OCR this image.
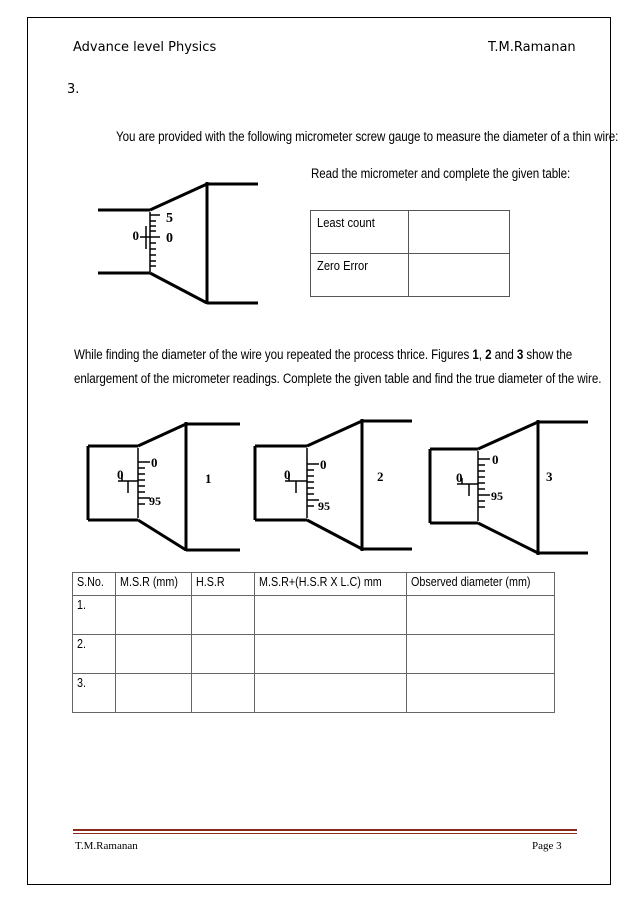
Advance level Physics	T.M.Ramanan
3.
You are provided with the following micrometer screw gauge to measure the diameter of a thin wire:
Read the micrometer and complete the given table:
0
5
0
Least count	
Zero Error	
While finding the diameter of the wire you repeated the process thrice. Figures 1, 2 and 3 show the
enlargement of the micrometer readings. Complete the given table and find the true diameter of the wire.
0
0
95
1	0
0
95
2	0
0
95
3
S.No.	M.S.R (mm)	H.S.R	M.S.R+(H.S.R X L.C) mm	Observed diameter (mm)
1.				
2.				
3.				
T.M.Ramanan	Page 3
